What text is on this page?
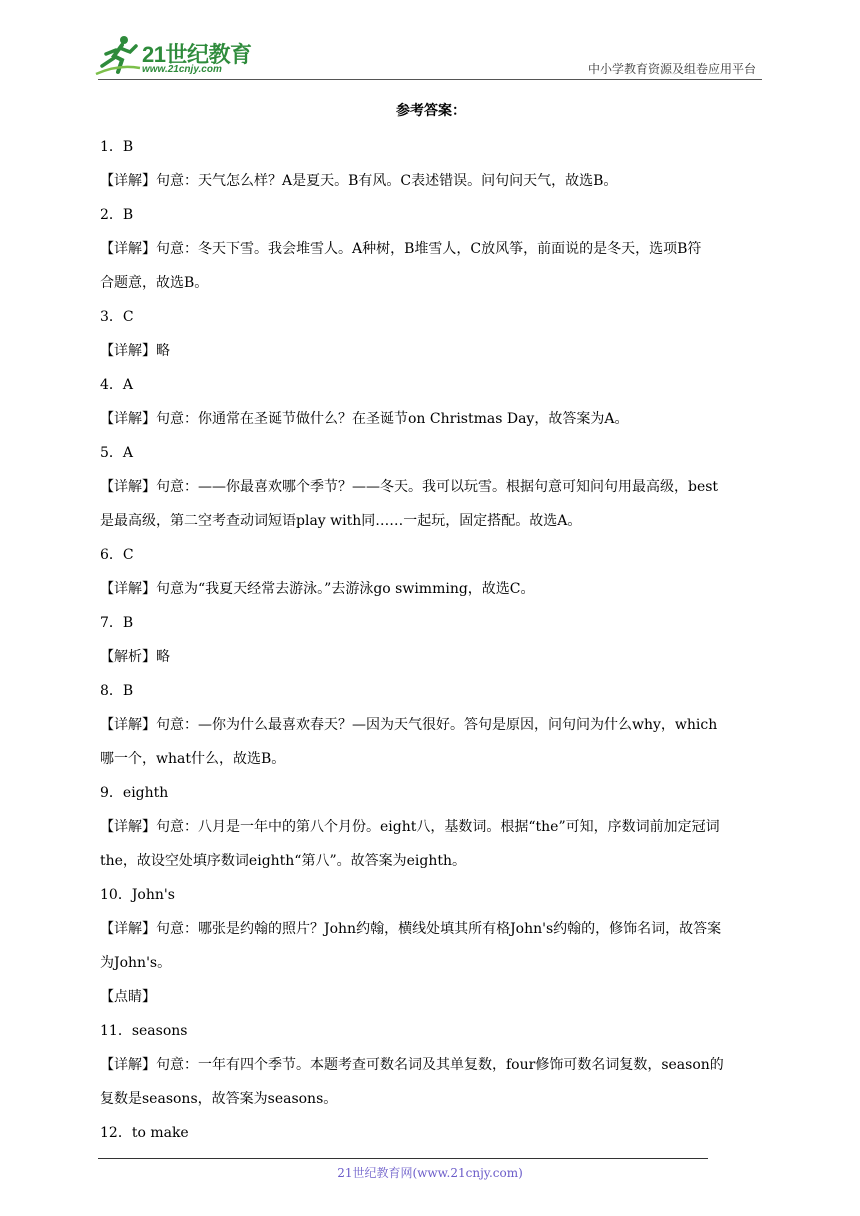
21世纪教育
www.21cnjy.com	中小学教育资源及组卷应用平台
参考答案：

1．B

【详解】句意：天气怎么样？A是夏天。B有风。C表述错误。问句问天气，故选B。

2．B

【详解】句意：冬天下雪。我会堆雪人。A种树，B堆雪人，C放风筝，前面说的是冬天，选项B符

合题意，故选B。

3．C

【详解】略

4．A

【详解】句意：你通常在圣诞节做什么？在圣诞节on Christmas Day，故答案为A。

5．A

【详解】句意：——你最喜欢哪个季节？——冬天。我可以玩雪。根据句意可知问句用最高级，best

是最高级，第二空考查动词短语play with同……一起玩，固定搭配。故选A。

6．C

【详解】句意为“我夏天经常去游泳。”去游泳go swimming，故选C。

7．B

【解析】略

8．B

【详解】句意：—你为什么最喜欢春天？—因为天气很好。答句是原因，问句问为什么why，which

哪一个，what什么，故选B。

9．eighth

【详解】句意：八月是一年中的第八个月份。eight八，基数词。根据“the”可知，序数词前加定冠词

the，故设空处填序数词eighth“第八”。故答案为eighth。

10．John's

【详解】句意：哪张是约翰的照片？John约翰，横线处填其所有格John's约翰的，修饰名词，故答案

为John's。

【点睛】

11．seasons

【详解】句意：一年有四个季节。本题考查可数名词及其单复数，four修饰可数名词复数，season的

复数是seasons，故答案为seasons。

12．to make

21世纪教育网(www.21cnjy.com)
